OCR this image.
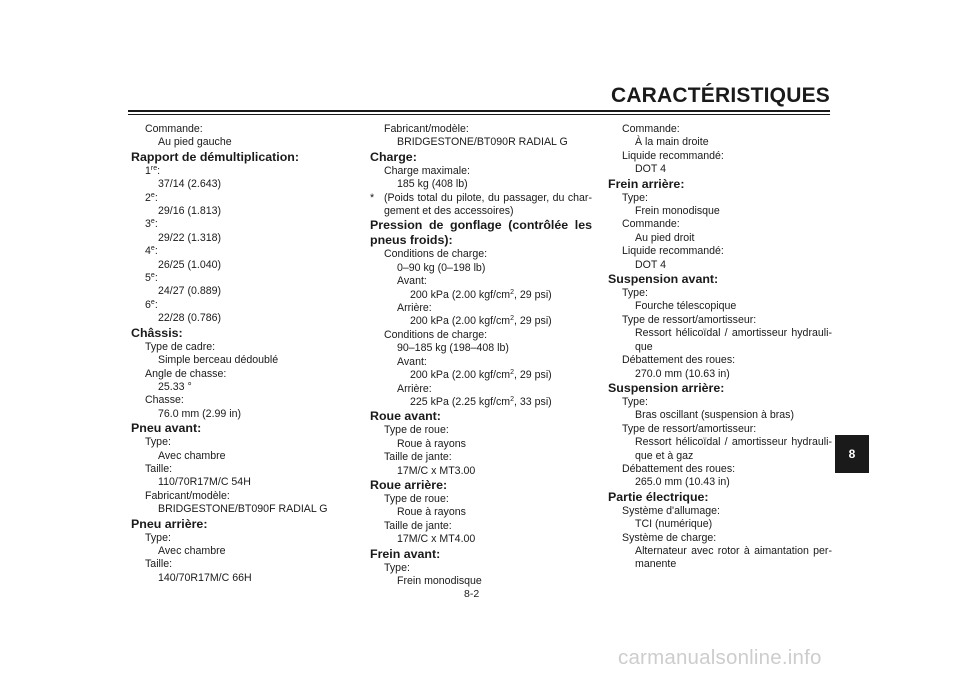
CARACTÉRISTIQUES
8
Commande:
Au pied gauche
Rapport de démultiplication:
1re:
37/14 (2.643)
2e:
29/16 (1.813)
3e:
29/22 (1.318)
4e:
26/25 (1.040)
5e:
24/27 (0.889)
6e:
22/28 (0.786)
Châssis:
Type de cadre:
Simple berceau dédoublé
Angle de chasse:
25.33 °
Chasse:
76.0 mm (2.99 in)
Pneu avant:
Type:
Avec chambre
Taille:
110/70R17M/C 54H
Fabricant/modèle:
BRIDGESTONE/BT090F RADIAL G
Pneu arrière:
Type:
Avec chambre
Taille:
140/70R17M/C 66H
Fabricant/modèle:
BRIDGESTONE/BT090R RADIAL G
Charge:
Charge maximale:
185 kg (408 lb)
* (Poids total du pilote, du passager, du char-
gement et des accessoires)
Pression de gonflage (contrôlée les
pneus froids):
Conditions de charge:
0–90 kg (0–198 lb)
Avant:
200 kPa (2.00 kgf/$cm^2$, 29 psi)
Arrière:
200 kPa (2.00 kgf/$cm^2$, 29 psi)
Conditions de charge:
90–185 kg (198–408 lb)
Avant:
200 kPa (2.00 kgf/$cm^2$, 29 psi)
Arrière:
225 kPa (2.25 kgf/$cm^2$, 33 psi)
Roue avant:
Type de roue:
Roue à rayons
Taille de jante:
17M/C x MT3.00
Roue arrière:
Type de roue:
Roue à rayons
Taille de jante:
17M/C x MT4.00
Frein avant:
Type:
Frein monodisque
Commande:
À la main droite
Liquide recommandé:
DOT 4
Frein arrière:
Type:
Frein monodisque
Commande:
Au pied droit
Liquide recommandé:
DOT 4
Suspension avant:
Type:
Fourche télescopique
Type de ressort/amortisseur:
Ressort hélicoïdal / amortisseur hydrauli-
que
Débattement des roues:
270.0 mm (10.63 in)
Suspension arrière:
Type:
Bras oscillant (suspension à bras)
Type de ressort/amortisseur:
Ressort hélicoïdal / amortisseur hydrauli-
que et à gaz
Débattement des roues:
265.0 mm (10.43 in)
Partie électrique:
Système d'allumage:
TCI (numérique)
Système de charge:
Alternateur avec rotor à aimantation per-
manente
8-2
carmanualsonline.info
